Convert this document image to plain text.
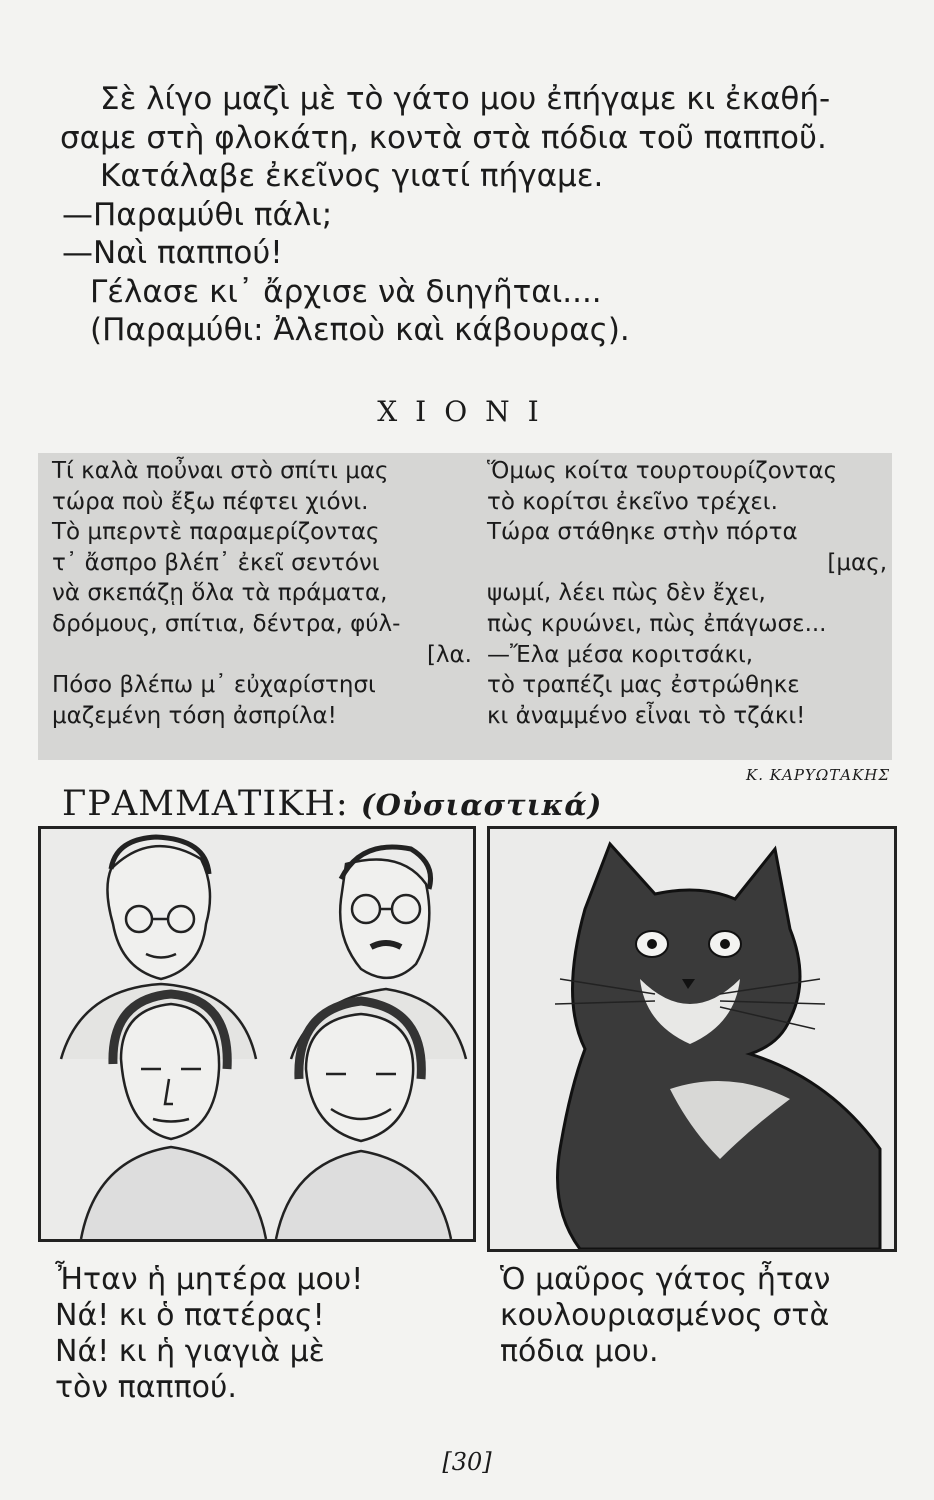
Σὲ λίγο μαζὶ μὲ τὸ γάτο μου ἐπήγαμε κι ἐκαθή-

σαμε στὴ φλοκάτη, κοντὰ στὰ πόδια τοῦ παπποῦ.

Κατάλαβε ἐκεῖνος γιατί πήγαμε.

—Παραμύθι πάλι;

—Ναὶ παππού!

Γέλασε κι᾿ ἄρχισε νὰ διηγῆται....

(Παραμύθι: Ἀλεποὺ καὶ κάβουρας).

ΧΙΟΝΙ

Τί καλὰ ποὖναι στὸ σπίτι μας

τώρα ποὺ ἔξω πέφτει χιόνι.

Τὸ μπερντὲ παραμερίζοντας

τ᾿ ἄσπρο βλέπ᾿ ἐκεῖ σεντόνι

νὰ σκεπάζῃ ὅλα τὰ πράματα,

δρόμους, σπίτια, δέντρα, φύλ-

[λα.

Πόσο βλέπω μ᾿ εὐχαρίστησι

μαζεμένη τόση ἀσπρίλα!

Ὅμως κοίτα τουρτουρίζοντας

τὸ κορίτσι ἐκεῖνο τρέχει.

Τώρα στάθηκε στὴν πόρτα

[μας,

ψωμί, λέει πὼς δὲν ἔχει,

πὼς κρυώνει, πὼς ἐπάγωσε...

—Ἔλα μέσα κοριτσάκι,

τὸ τραπέζι μας ἐστρώθηκε

κι ἀναμμένο εἶναι τὸ τζάκι!

Κ. ΚΑΡΥΩΤΑΚΗΣ
ΓΡΑΜΜΑΤΙΚΗ: (Οὐσιαστικά)

Ἦταν ἡ μητέρα μου!

Νά! κι ὁ πατέρας!

Νά! κι ἡ γιαγιὰ μὲ

τὸν παππού.

Ὁ μαῦρος γάτος ἦταν

κουλουριασμένος στὰ

πόδια μου.

[30]
